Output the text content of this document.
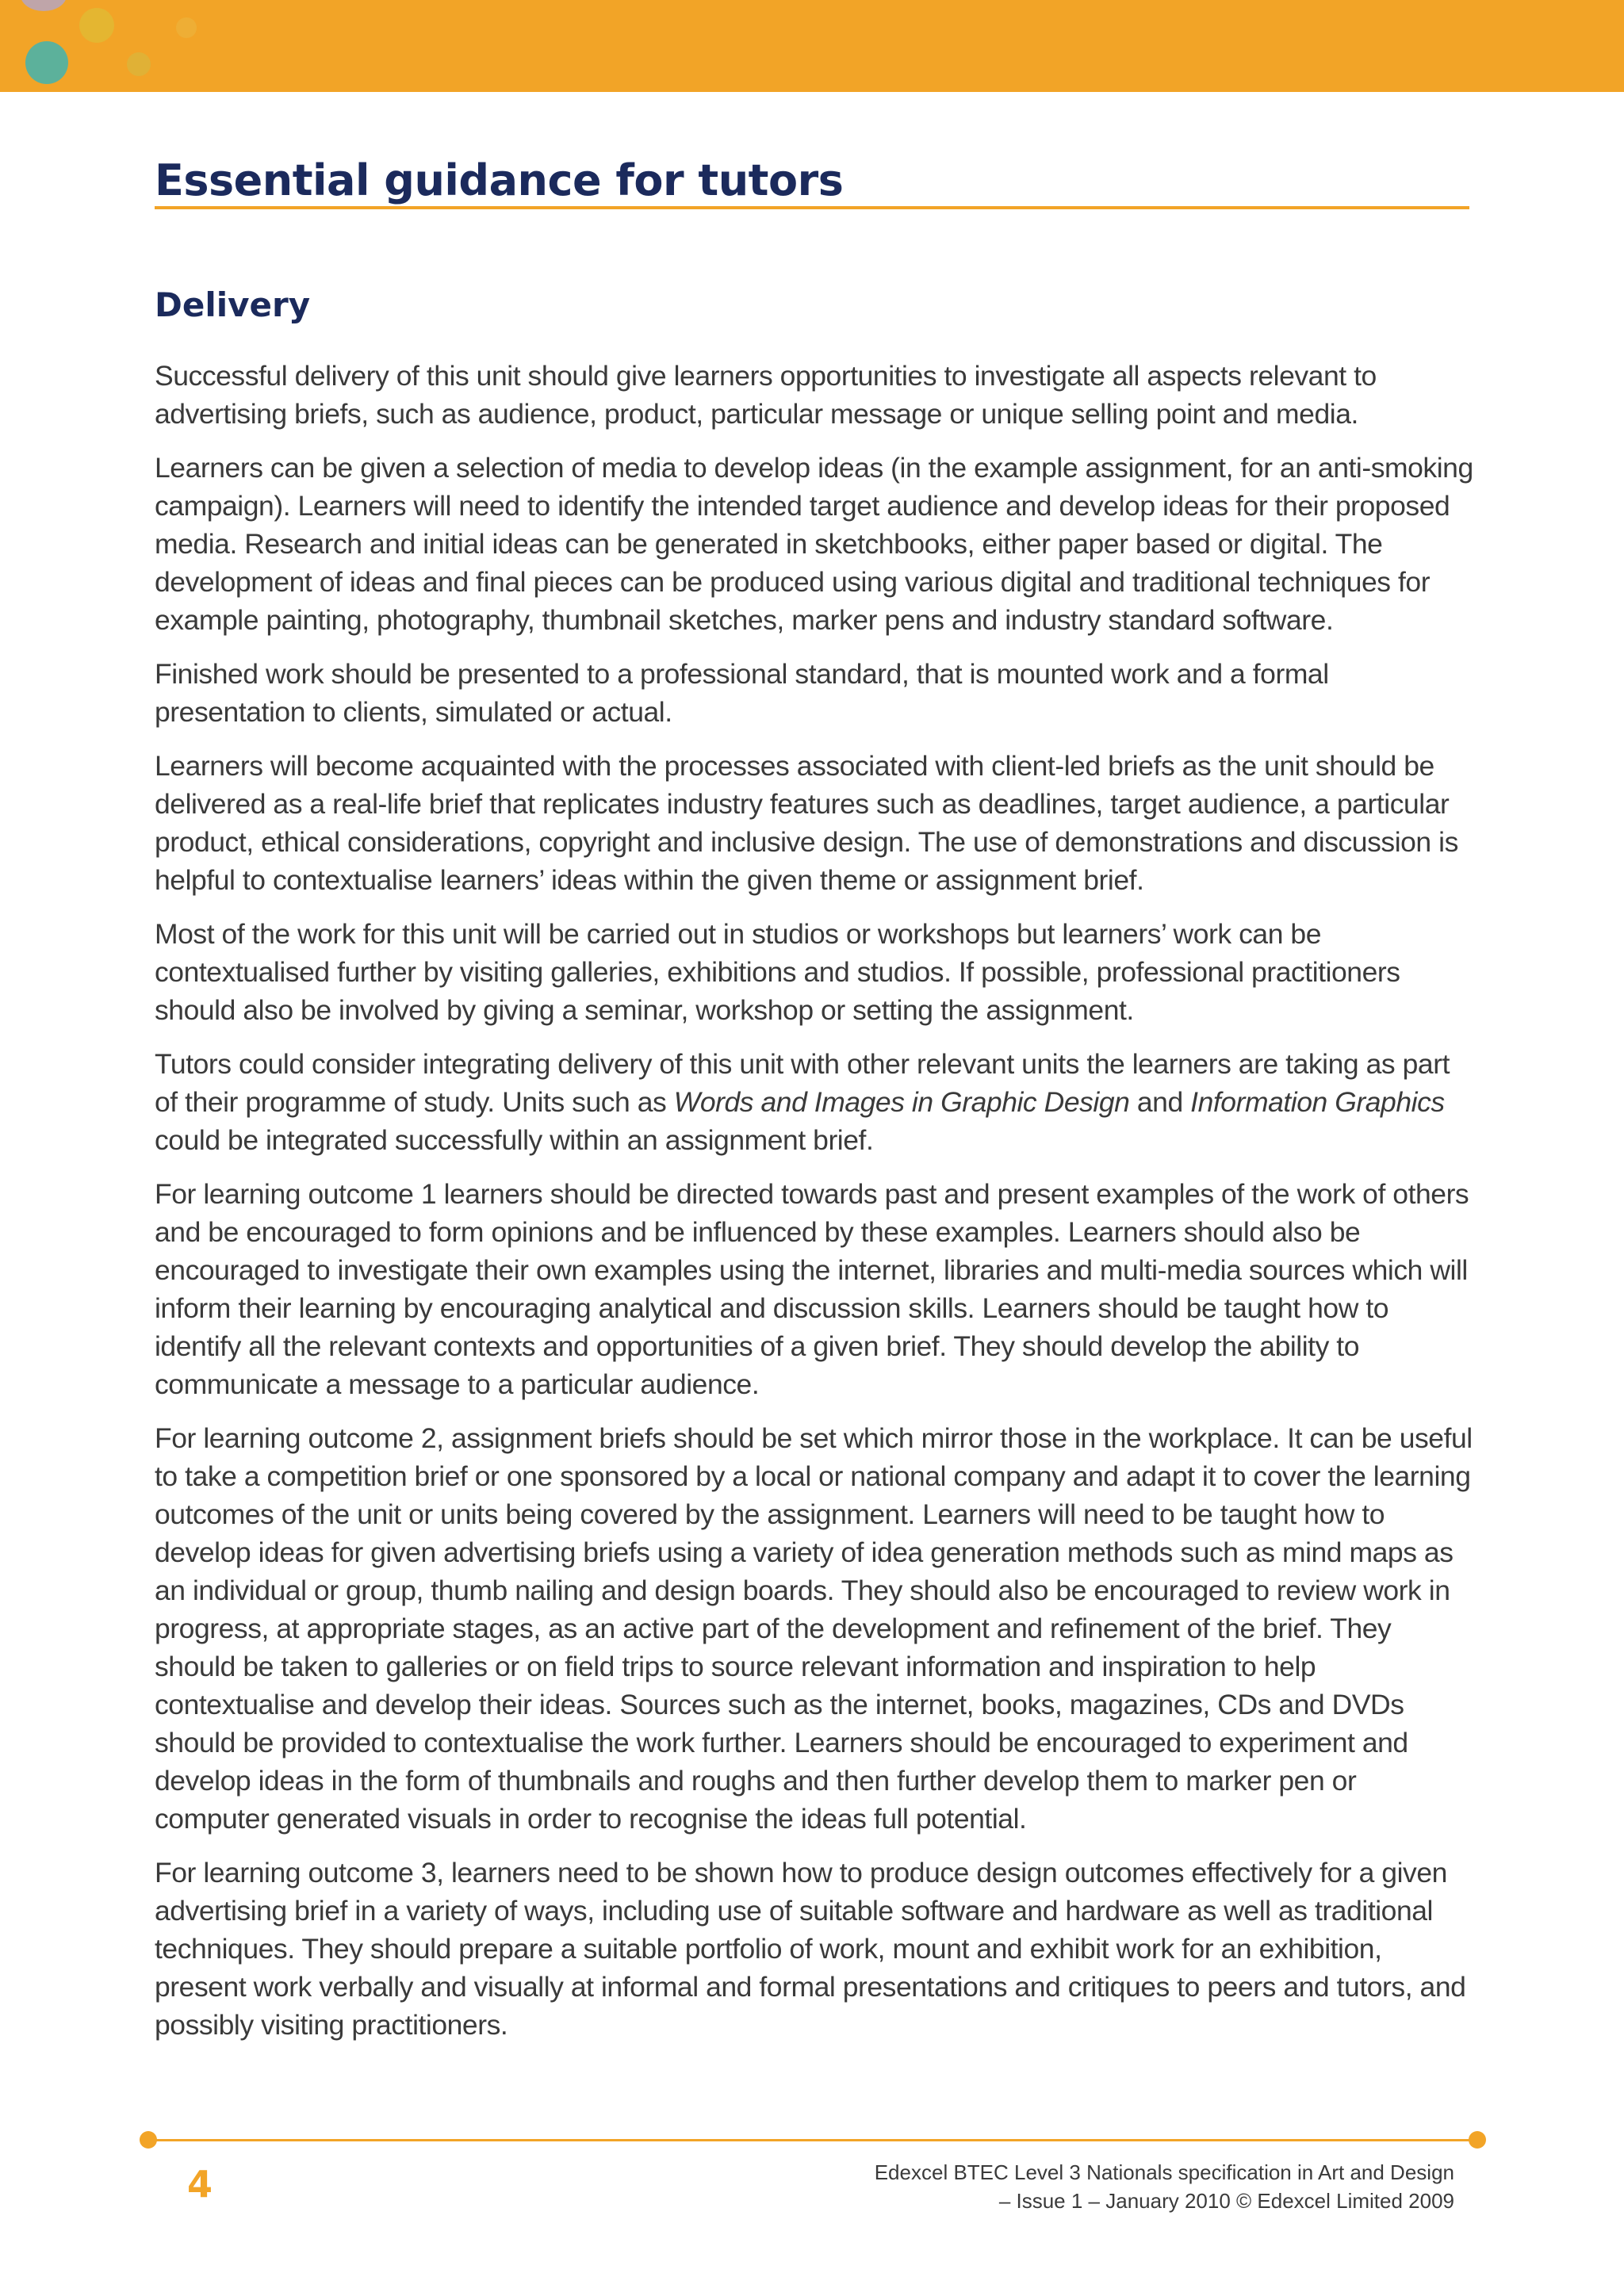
Essential guidance for tutors
Delivery

Successful delivery of this unit should give learners opportunities to investigate all aspects relevant to advertising briefs, such as audience, product, particular message or unique selling point and media.

Learners can be given a selection of media to develop ideas (in the example assignment, for an anti-smoking campaign). Learners will need to identify the intended target audience and develop ideas for their proposed media. Research and initial ideas can be generated in sketchbooks, either paper based or digital. The development of ideas and final pieces can be produced using various digital and traditional techniques for example painting, photography, thumbnail sketches, marker pens and industry standard software.

Finished work should be presented to a professional standard, that is mounted work and a formal presentation to clients, simulated or actual.

Learners will become acquainted with the processes associated with client-led briefs as the unit should be delivered as a real-life brief that replicates industry features such as deadlines, target audience, a particular product, ethical considerations, copyright and inclusive design. The use of demonstrations and discussion is helpful to contextualise learners’ ideas within the given theme or assignment brief.

Most of the work for this unit will be carried out in studios or workshops but learners’ work can be contextualised further by visiting galleries, exhibitions and studios. If possible, professional practitioners should also be involved by giving a seminar, workshop or setting the assignment.

Tutors could consider integrating delivery of this unit with other relevant units the learners are taking as part of their programme of study. Units such as Words and Images in Graphic Design and Information Graphics could be integrated successfully within an assignment brief.

For learning outcome 1 learners should be directed towards past and present examples of the work of others and be encouraged to form opinions and be influenced by these examples. Learners should also be encouraged to investigate their own examples using the internet, libraries and multi-media sources which will inform their learning by encouraging analytical and discussion skills. Learners should be taught how to identify all the relevant contexts and opportunities of a given brief. They should develop the ability to communicate a message to a particular audience.

For learning outcome 2, assignment briefs should be set which mirror those in the workplace. It can be useful to take a competition brief or one sponsored by a local or national company and adapt it to cover the learning outcomes of the unit or units being covered by the assignment. Learners will need to be taught how to develop ideas for given advertising briefs using a variety of idea generation methods such as mind maps as an individual or group, thumb nailing and design boards. They should also be encouraged to review work in progress, at appropriate stages, as an active part of the development and refinement of the brief. They should be taken to galleries or on field trips to source relevant information and inspiration to help contextualise and develop their ideas. Sources such as the internet, books, magazines, CDs and DVDs should be provided to contextualise the work further. Learners should be encouraged to experiment and develop ideas in the form of thumbnails and roughs and then further develop them to marker pen or computer generated visuals in order to recognise the ideas full potential.

For learning outcome 3, learners need to be shown how to produce design outcomes effectively for a given advertising brief in a variety of ways, including use of suitable software and hardware as well as traditional techniques. They should prepare a suitable portfolio of work, mount and exhibit work for an exhibition, present work verbally and visually at informal and formal presentations and critiques to peers and tutors, and possibly visiting practitioners.

4	Edexcel BTEC Level 3 Nationals specification in Art and Design
– Issue 1 – January 2010 © Edexcel Limited 2009
